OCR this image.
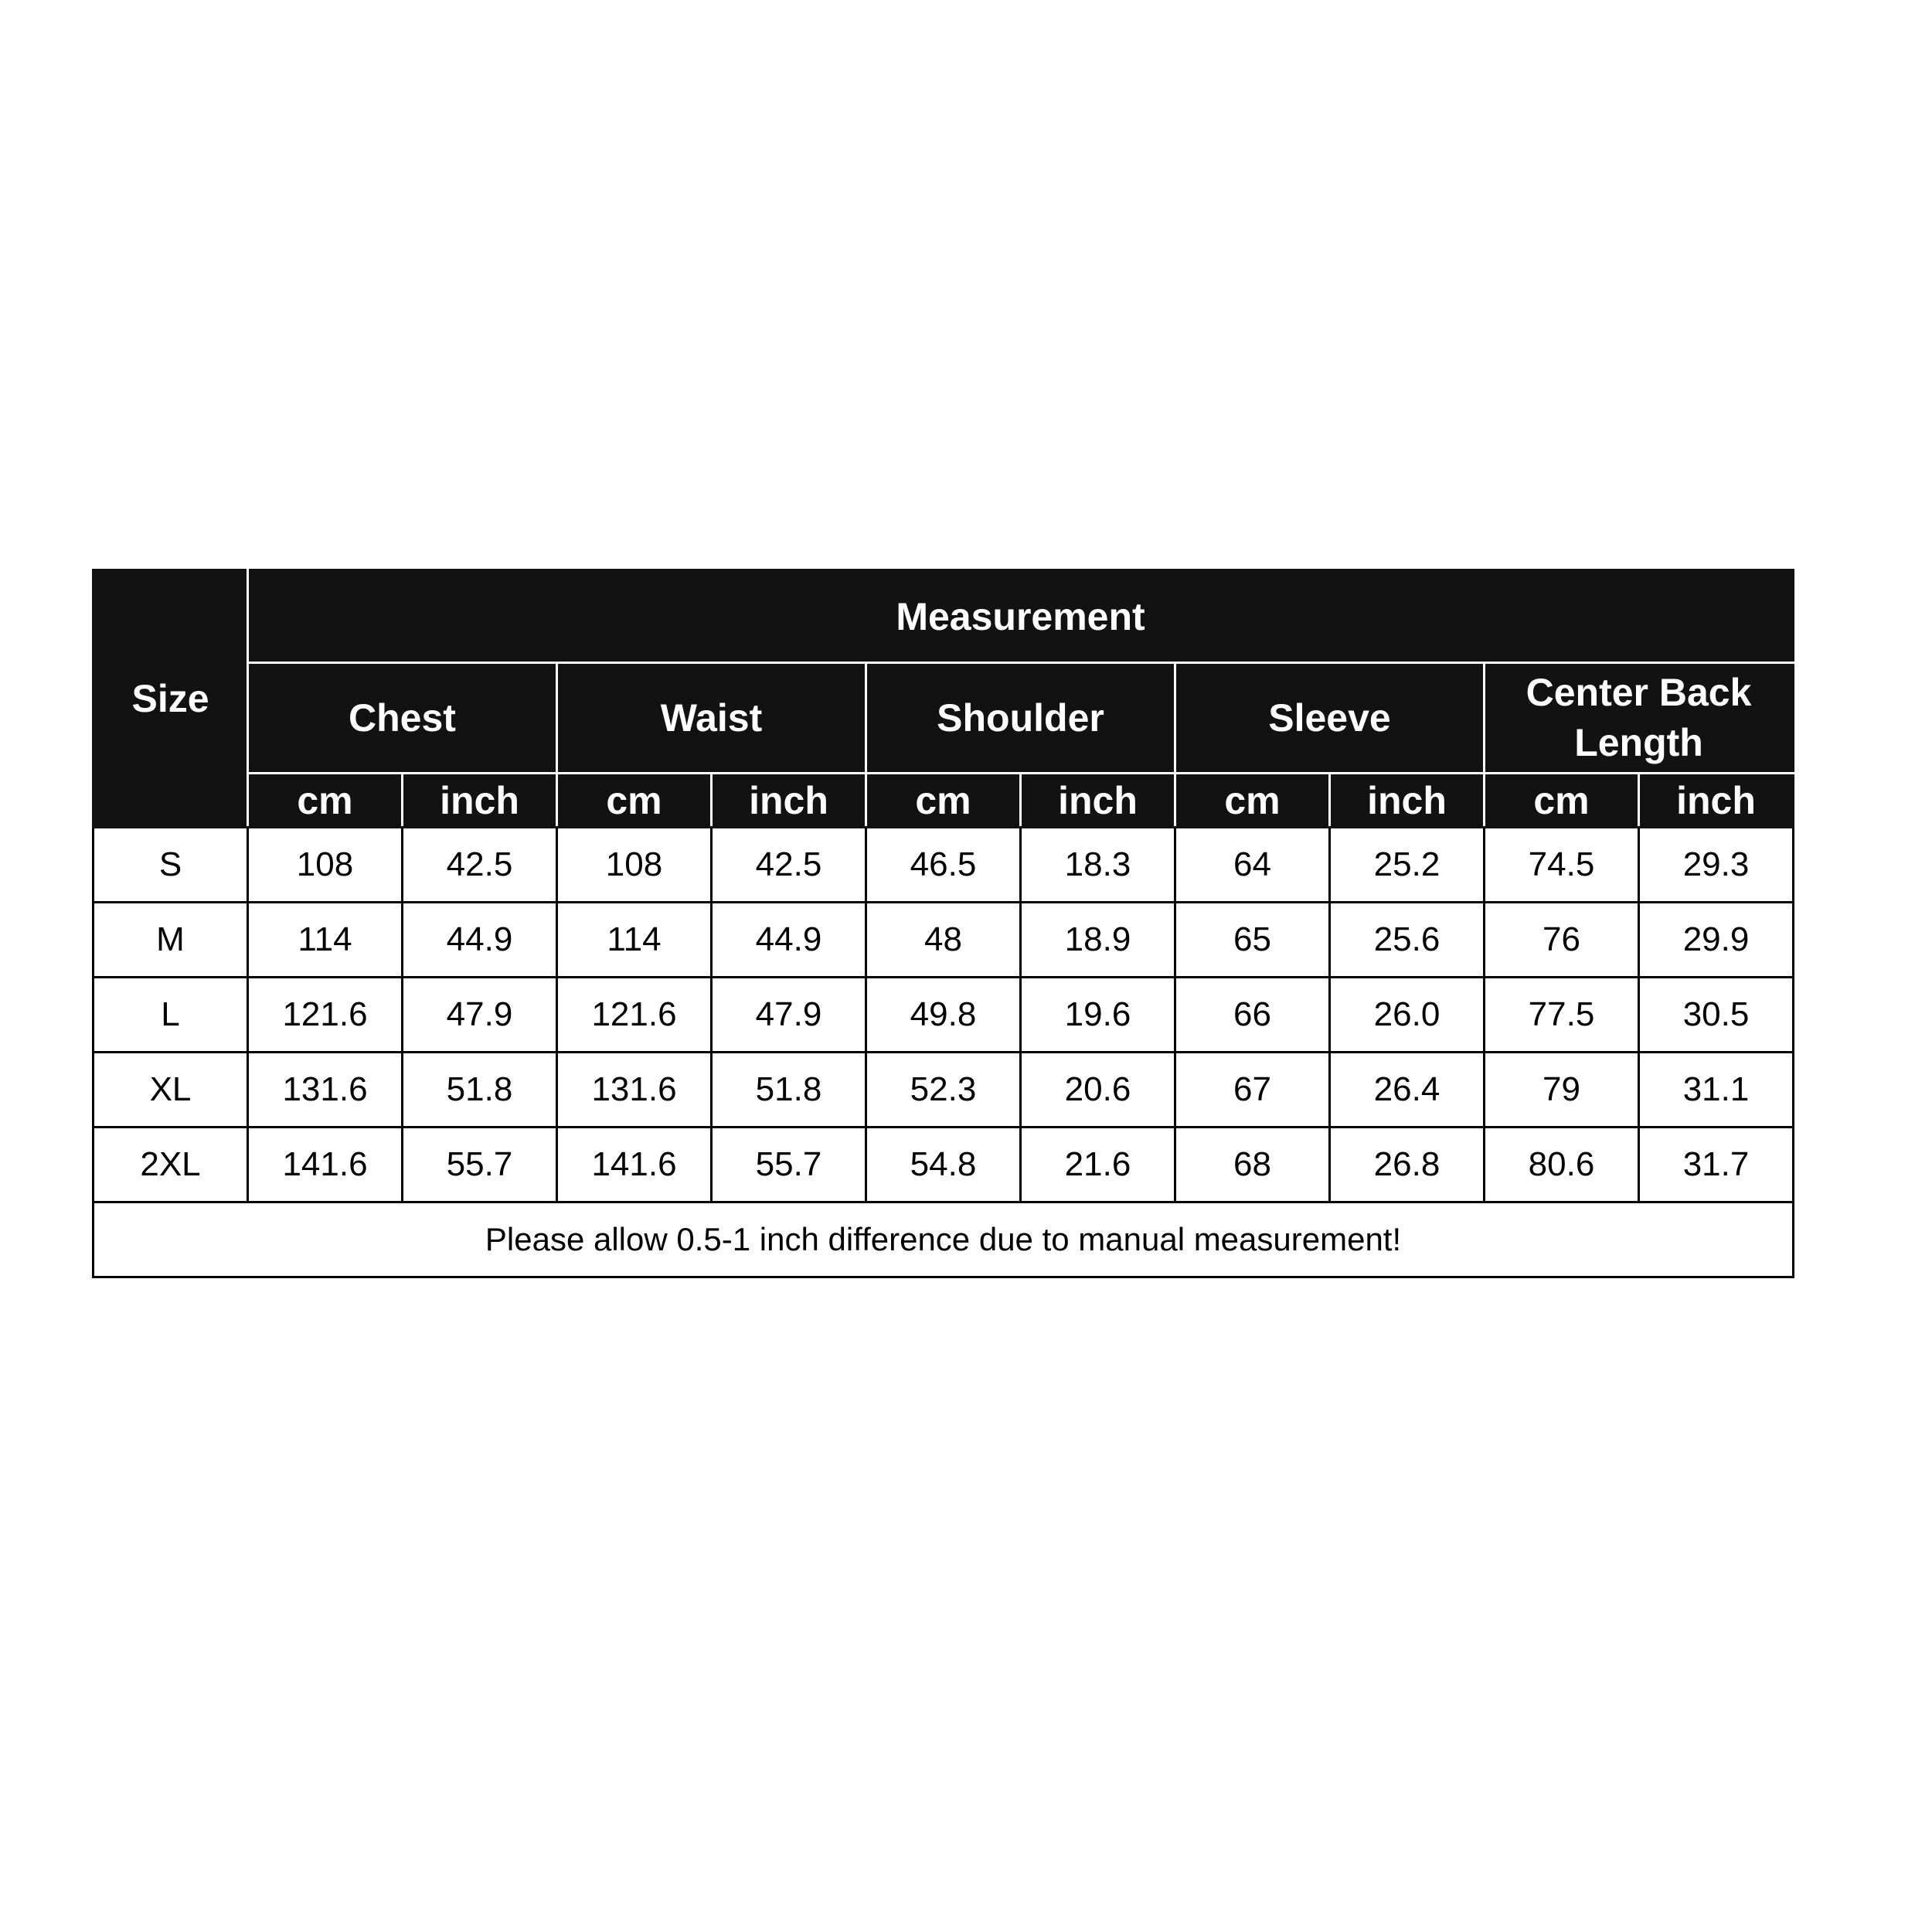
Size	Measurement									
	Chest		Waist		Shoulder		Sleeve		Center Back Length	
	cm	inch	cm	inch	cm	inch	cm	inch	cm	inch
S	108	42.5	108	42.5	46.5	18.3	64	25.2	74.5	29.3
M	114	44.9	114	44.9	48	18.9	65	25.6	76	29.9
L	121.6	47.9	121.6	47.9	49.8	19.6	66	26.0	77.5	30.5
XL	131.6	51.8	131.6	51.8	52.3	20.6	67	26.4	79	31.1
2XL	141.6	55.7	141.6	55.7	54.8	21.6	68	26.8	80.6	31.7
Please allow 0.5-1 inch difference due to manual measurement!										
